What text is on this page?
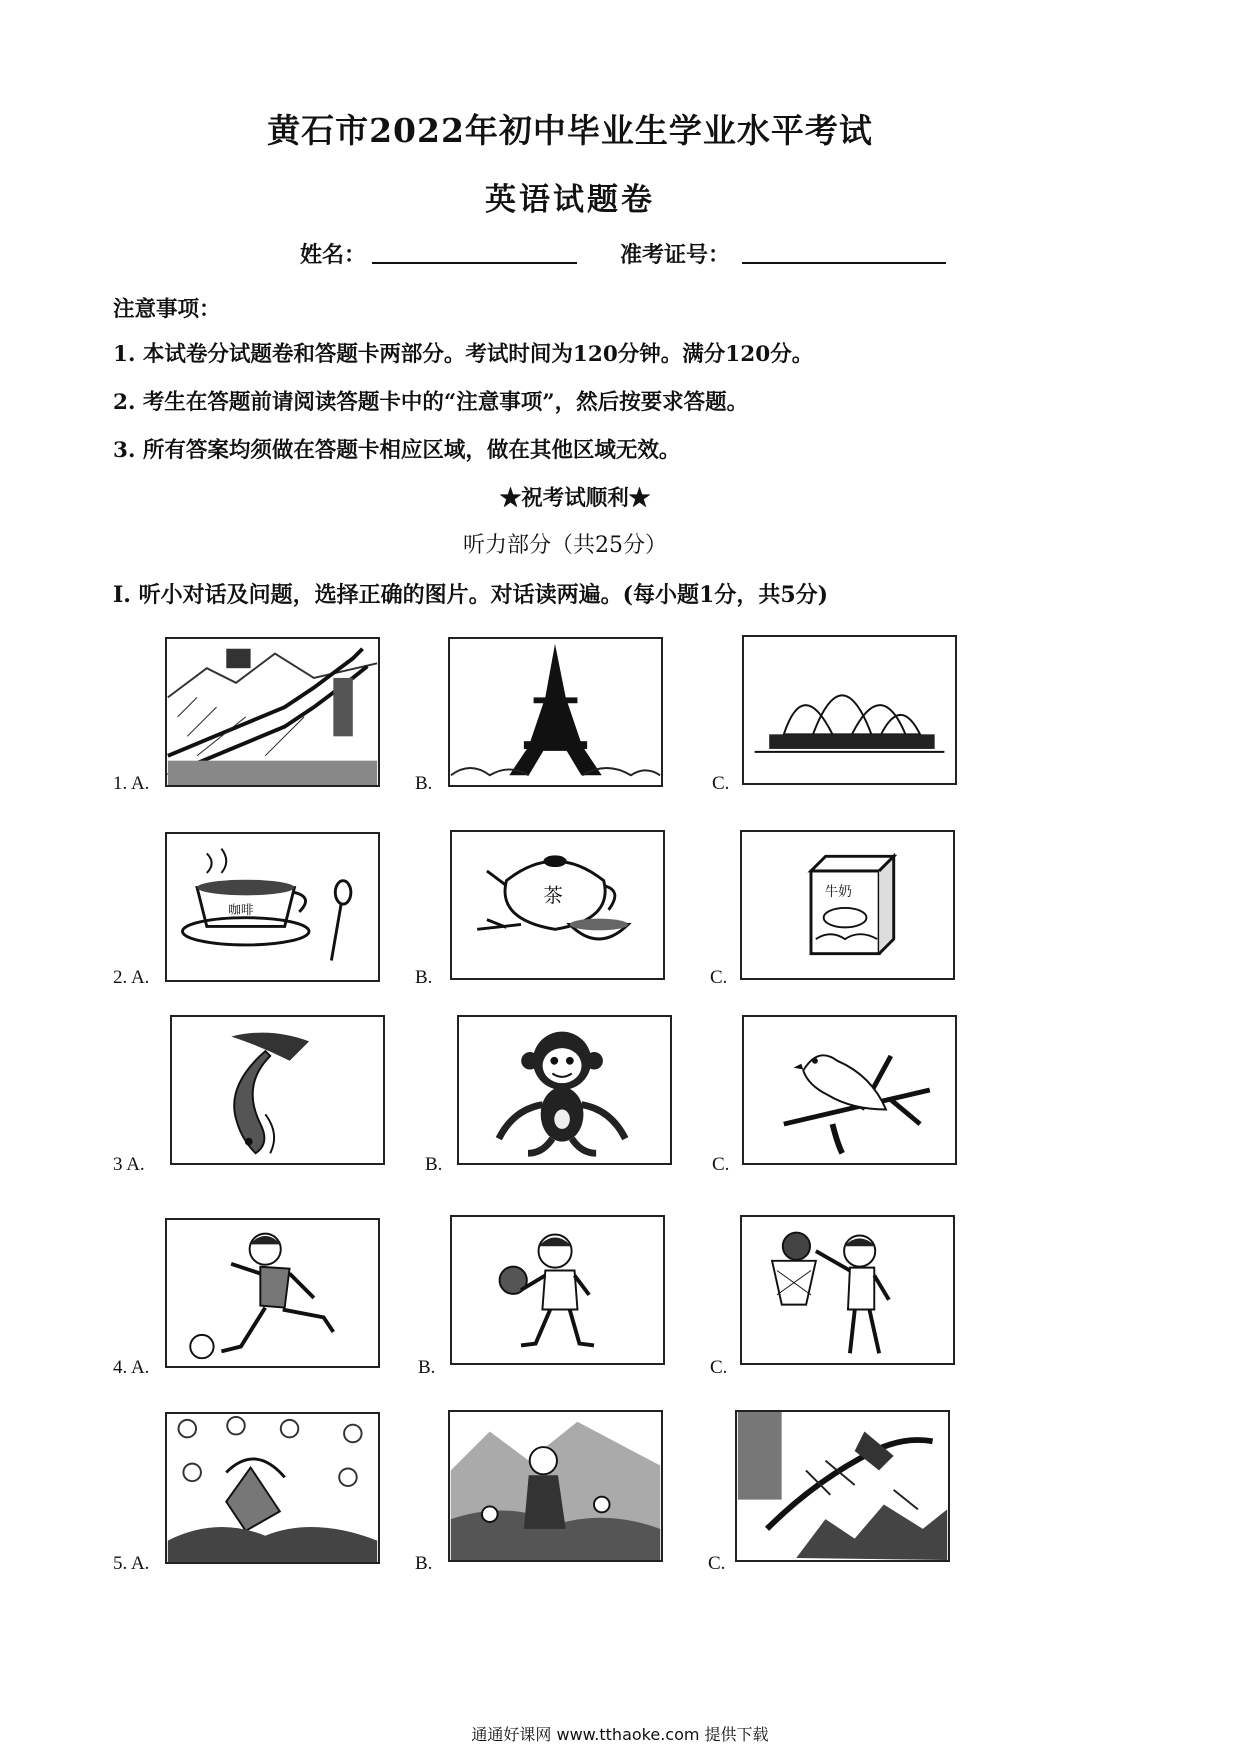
黄石市2022年初中毕业生学业水平考试
英语试题卷
姓名：	准考证号：
注意事项：
1. 本试卷分试题卷和答题卡两部分。考试时间为120分钟。满分120分。
2. 考生在答题前请阅读答题卡中的“注意事项”，然后按要求答题。
3. 所有答案均须做在答题卡相应区域，做在其他区域无效。
★祝考试顺利★
听力部分（共25分）
Ⅰ. 听小对话及问题，选择正确的图片。对话读两遍。(每小题1分，共5分)
1. A.	B.	C.
2. A.
咖啡
B.
茶
C.
牛奶
3 A.	B.	C.
4. A.	B.	C.
5. A.	B.	C.
通通好课网 www.tthaoke.com 提供下载
